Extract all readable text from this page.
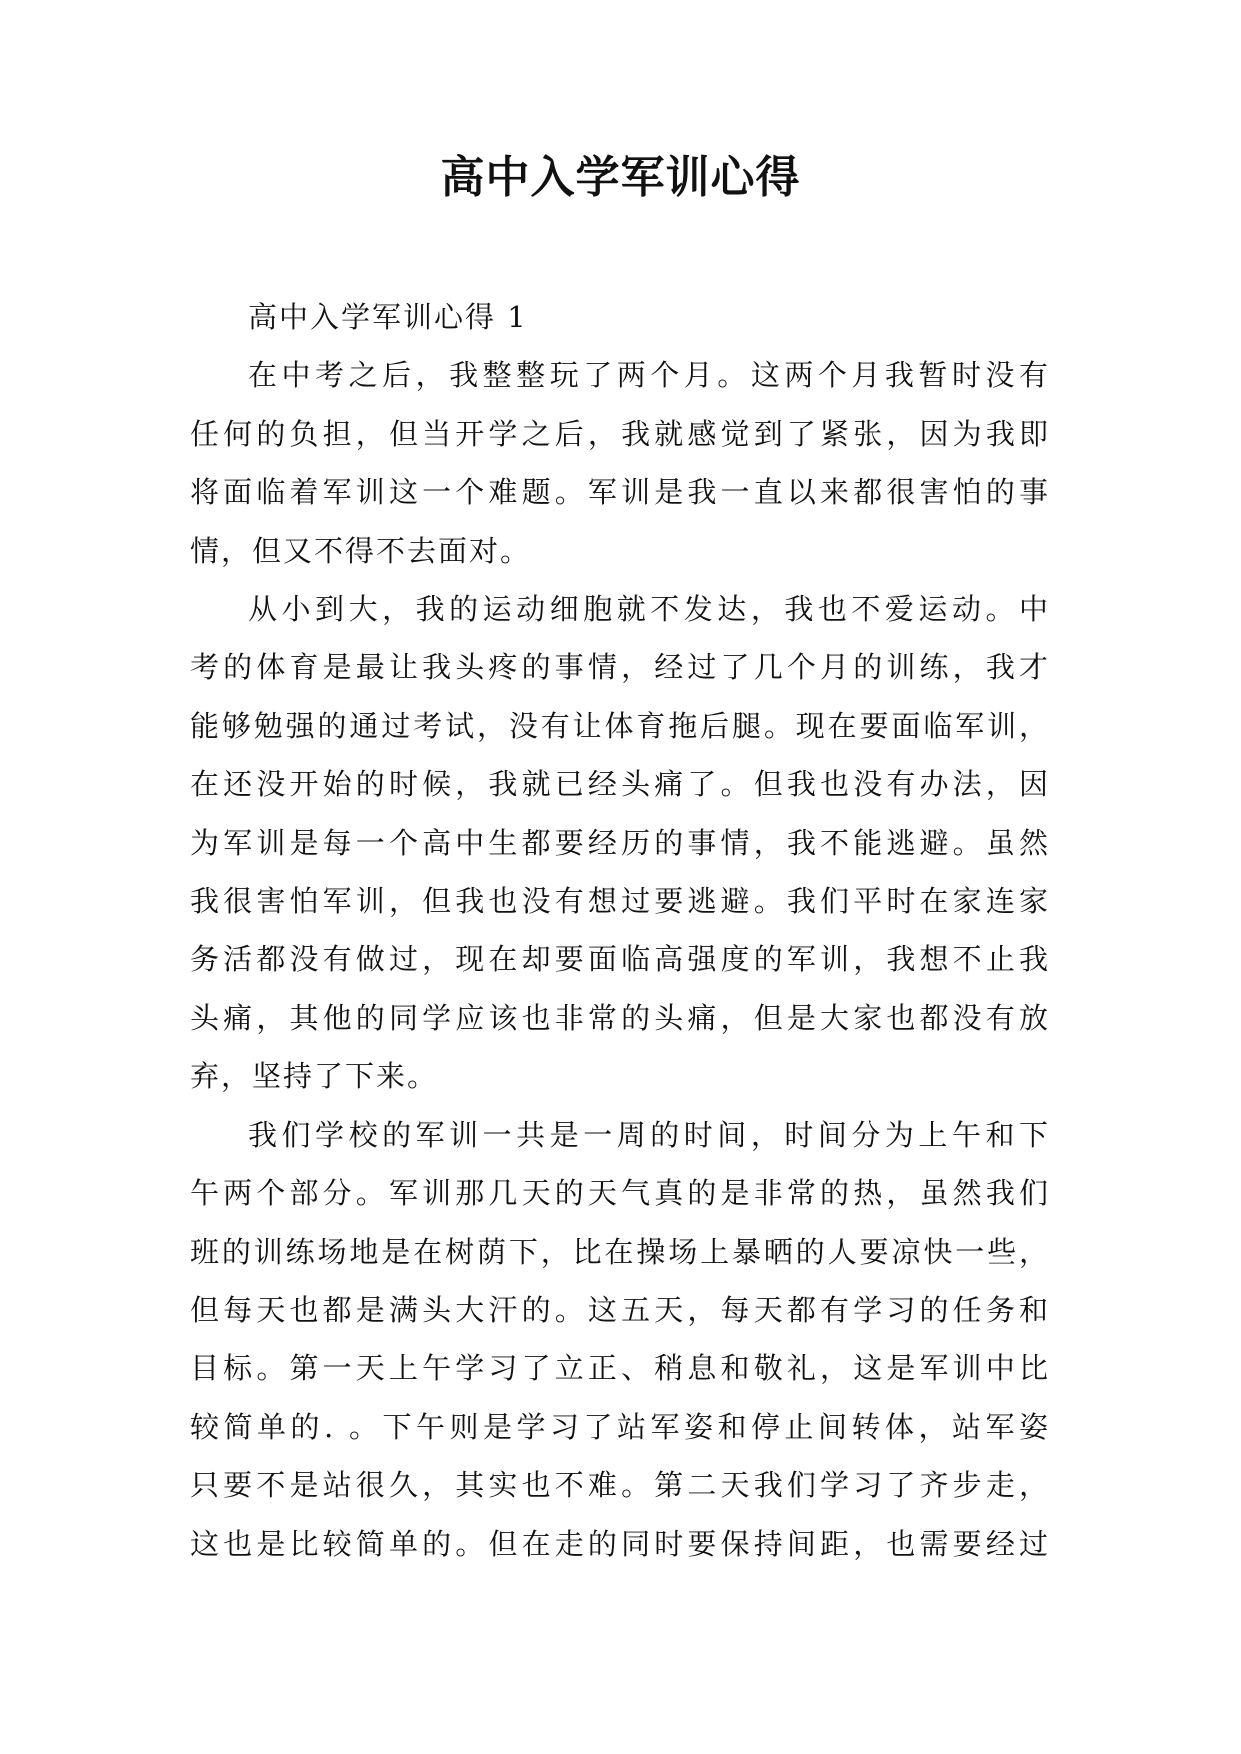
高中入学军训心得
高中入学军训心得 1
在中考之后，我整整玩了两个月。这两个月我暂时没有
任何的负担，但当开学之后，我就感觉到了紧张，因为我即
将面临着军训这一个难题。军训是我一直以来都很害怕的事
情，但又不得不去面对。
从小到大，我的运动细胞就不发达，我也不爱运动。中
考的体育是最让我头疼的事情，经过了几个月的训练，我才
能够勉强的通过考试，没有让体育拖后腿。现在要面临军训，
在还没开始的时候，我就已经头痛了。但我也没有办法，因
为军训是每一个高中生都要经历的事情，我不能逃避。虽然
我很害怕军训，但我也没有想过要逃避。我们平时在家连家
务活都没有做过，现在却要面临高强度的军训，我想不止我
头痛，其他的同学应该也非常的头痛，但是大家也都没有放
弃，坚持了下来。
我们学校的军训一共是一周的时间，时间分为上午和下
午两个部分。军训那几天的天气真的是非常的热，虽然我们
班的训练场地是在树荫下，比在操场上暴晒的人要凉快一些，
但每天也都是满头大汗的。这五天，每天都有学习的任务和
目标。第一天上午学习了立正、稍息和敬礼，这是军训中比
较简单的. 。下午则是学习了站军姿和停止间转体，站军姿
只要不是站很久，其实也不难。第二天我们学习了齐步走，
这也是比较简单的。但在走的同时要保持间距，也需要经过
